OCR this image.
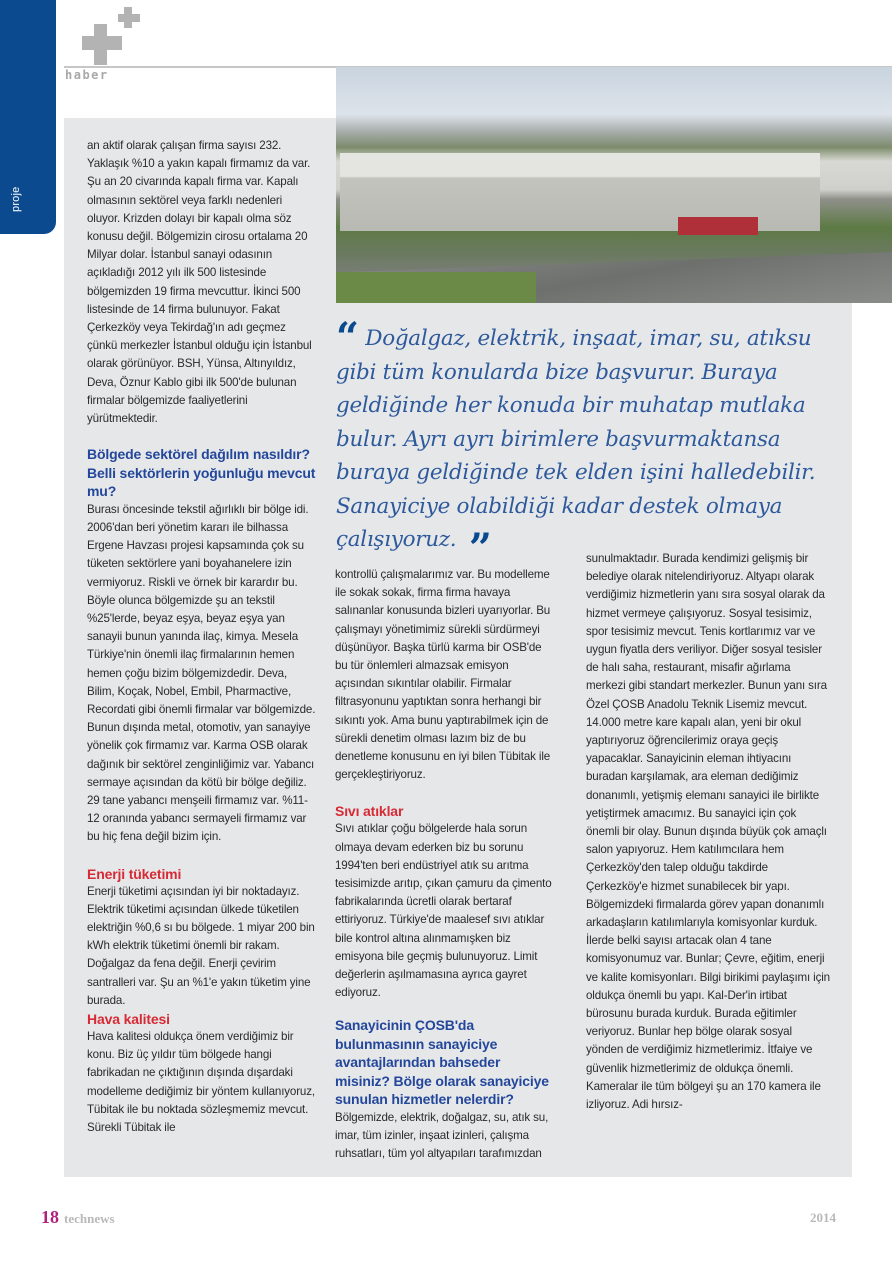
proje
haber

an aktif olarak çalışan firma sayısı 232. Yaklaşık %10 a yakın kapalı firmamız da var. Şu an 20 civarında kapalı firma var. Kapalı olmasının sektörel veya farklı nedenleri oluyor. Krizden dolayı bir kapalı olma söz konusu değil. Bölgemizin cirosu ortalama 20 Milyar dolar. İstanbul sanayi odasının açıkladığı 2012 yılı ilk 500 listesinde bölgemizden 19 firma mevcuttur. İkinci 500 listesinde de 14 firma bulunuyor. Fakat Çerkezköy veya Tekirdağ'ın adı geçmez çünkü merkezler İstanbul olduğu için İstanbul olarak görünüyor. BSH, Yünsa, Altınyıldız, Deva, Öznur Kablo gibi ilk 500'de bulunan firmalar bölgemizde faaliyetlerini yürütmektedir.

Bölgede sektörel dağılım nasıldır? Belli sektörlerin yoğunluğu mevcut mu?

Burası öncesinde tekstil ağırlıklı bir bölge idi. 2006'dan beri yönetim kararı ile bilhassa Ergene Havzası projesi kapsamında çok su tüketen sektörlere yani boyahanelere izin vermiyoruz. Riskli ve örnek bir karardır bu. Böyle olunca bölgemizde şu an tekstil %25'lerde, beyaz eşya, beyaz eşya yan sanayii bunun yanında ilaç, kimya. Mesela Türkiye'nin önemli ilaç firmalarının hemen hemen çoğu bizim bölgemizdedir. Deva, Bilim, Koçak, Nobel, Embil, Pharmactive, Recordati gibi önemli firmalar var bölgemizde. Bunun dışında metal, otomotiv, yan sanayiye yönelik çok firmamız var. Karma OSB olarak dağınık bir sektörel zenginliğimiz var. Yabancı sermaye açısından da kötü bir bölge değiliz. 29 tane yabancı menşeili firmamız var. %11-12 oranında yabancı sermayeli firmamız var bu hiç fena değil bizim için.

Enerji tüketimi

Enerji tüketimi açısından iyi bir noktadayız. Elektrik tüketimi açısından ülkede tüketilen elektriğin %0,6 sı bu bölgede. 1 miyar 200 bin kWh elektrik tüketimi önemli bir rakam. Doğalgaz da fena değil. Enerji çevirim santralleri var. Şu an %1'e yakın tüketim yine burada.

Hava kalitesi

Hava kalitesi oldukça önem verdiğimiz bir konu. Biz üç yıldır tüm bölgede hangi fabrikadan ne çıktığının dışında dışardaki modelleme dediğimiz bir yöntem kullanıyoruz, Tübitak ile bu noktada sözleşmemiz mevcut. Sürekli Tübitak ile

“ Doğalgaz, elektrik, inşaat, imar, su, atıksu gibi tüm konularda bize başvurur. Buraya geldiğinde her konuda bir muhatap mutlaka bulur. Ayrı ayrı birimlere başvurmaktansa buraya geldiğinde tek elden işini halledebilir. Sanayiciye olabildiği kadar destek olmaya çalışıyoruz. ”

kontrollü çalışmalarımız var. Bu modelleme ile sokak sokak, firma firma havaya salınanlar konusunda bizleri uyarıyorlar. Bu çalışmayı yönetimimiz sürekli sürdürmeyi düşünüyor. Başka türlü karma bir OSB'de bu tür önlemleri almazsak emisyon açısından sıkıntılar olabilir. Firmalar filtrasyonunu yaptıktan sonra herhangi bir sıkıntı yok. Ama bunu yaptırabilmek için de sürekli denetim olması lazım biz de bu denetleme konusunu en iyi bilen Tübitak ile gerçekleştiriyoruz.

Sıvı atıklar

Sıvı atıklar çoğu bölgelerde hala sorun olmaya devam ederken biz bu sorunu 1994'ten beri endüstriyel atık su arıtma tesisimizde arıtıp, çıkan çamuru da çimento fabrikalarında ücretli olarak bertaraf ettiriyoruz. Türkiye'de maalesef sıvı atıklar bile kontrol altına alınmamışken biz emisyona bile geçmiş bulunuyoruz. Limit değerlerin aşılmamasına ayrıca gayret ediyoruz.

Sanayicinin ÇOSB'da bulunmasının sanayiciye avantajlarından bahseder misiniz? Bölge olarak sanayiciye sunulan hizmetler nelerdir?

Bölgemizde, elektrik, doğalgaz, su, atık su, imar, tüm izinler, inşaat izinleri, çalışma ruhsatları, tüm yol altyapıları tarafımızdan

sunulmaktadır. Burada kendimizi gelişmiş bir belediye olarak nitelendiriyoruz. Altyapı olarak verdiğimiz hizmetlerin yanı sıra sosyal olarak da hizmet vermeye çalışıyoruz. Sosyal tesisimiz, spor tesisimiz mevcut. Tenis kortlarımız var ve uygun fiyatla ders veriliyor. Diğer sosyal tesisler de halı saha, restaurant, misafir ağırlama merkezi gibi standart merkezler. Bunun yanı sıra Özel ÇOSB Anadolu Teknik Lisemiz mevcut. 14.000 metre kare kapalı alan, yeni bir okul yaptırıyoruz öğrencilerimiz oraya geçiş yapacaklar. Sanayicinin eleman ihtiyacını buradan karşılamak, ara eleman dediğimiz donanımlı, yetişmiş elemanı sanayici ile birlikte yetiştirmek amacımız. Bu sanayici için çok önemli bir olay. Bunun dışında büyük çok amaçlı salon yapıyoruz. Hem katılımcılara hem Çerkezköy'den talep olduğu takdirde Çerkezköy'e hizmet sunabilecek bir yapı. Bölgemizdeki firmalarda görev yapan donanımlı arkadaşların katılımlarıyla komisyonlar kurduk. İlerde belki sayısı artacak olan 4 tane komisyonumuz var. Bunlar; Çevre, eğitim, enerji ve kalite komisyonları. Bilgi birikimi paylaşımı için oldukça önemli bu yapı. Kal-Der'in irtibat bürosunu burada kurduk. Burada eğitimler veriyoruz. Bunlar hep bölge olarak sosyal yönden de verdiğimiz hizmetlerimiz. İtfaiye ve güvenlik hizmetlerimiz de oldukça önemli. Kameralar ile tüm bölgeyi şu an 170 kamera ile izliyoruz. Adi hırsız-

18 technews	2014
